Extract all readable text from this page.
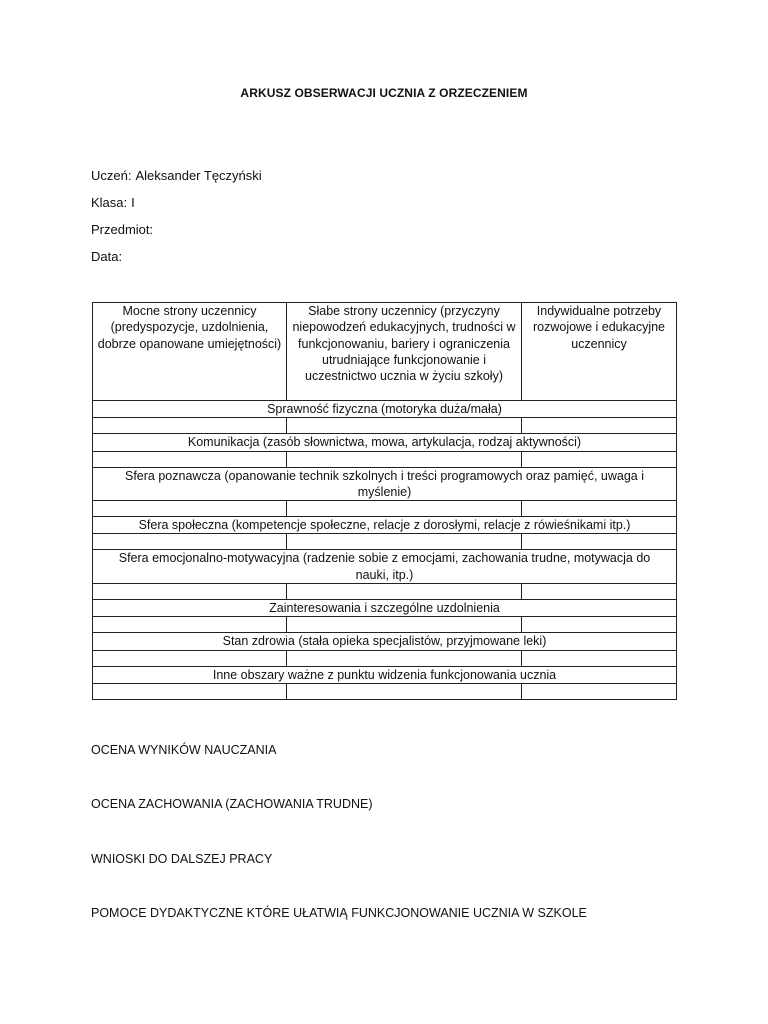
ARKUSZ OBSERWACJI UCZNIA Z ORZECZENIEM
Uczeń: Aleksander Tęczyński
Klasa: I
Przedmiot:
Data:
Mocne strony uczennicy (predyspozycje, uzdolnienia, dobrze opanowane umiejętności)	Słabe strony uczennicy (przyczyny niepowodzeń edukacyjnych, trudności w funkcjonowaniu, bariery i ograniczenia utrudniające funkcjonowanie i uczestnictwo ucznia w życiu szkoły)	Indywidualne potrzeby rozwojowe i edukacyjne uczennicy
Sprawność fizyczna (motoryka duża/mała)		

Komunikacja (zasób słownictwa, mowa, artykulacja, rodzaj aktywności)		

Sfera poznawcza (opanowanie technik szkolnych i treści programowych oraz pamięć, uwaga i myślenie)		

Sfera społeczna (kompetencje społeczne, relacje z dorosłymi, relacje z rówieśnikami itp.)		

Sfera emocjonalno-motywacyjna (radzenie sobie z emocjami, zachowania trudne, motywacja do nauki, itp.)		

Zainteresowania i szczególne uzdolnienia		

Stan zdrowia (stała opieka specjalistów, przyjmowane leki)		

Inne obszary ważne z punktu widzenia funkcjonowania ucznia		

OCENA WYNIKÓW NAUCZANIA
OCENA ZACHOWANIA (ZACHOWANIA TRUDNE)
WNIOSKI DO DALSZEJ PRACY
POMOCE DYDAKTYCZNE KTÓRE UŁATWIĄ FUNKCJONOWANIE UCZNIA W SZKOLE
